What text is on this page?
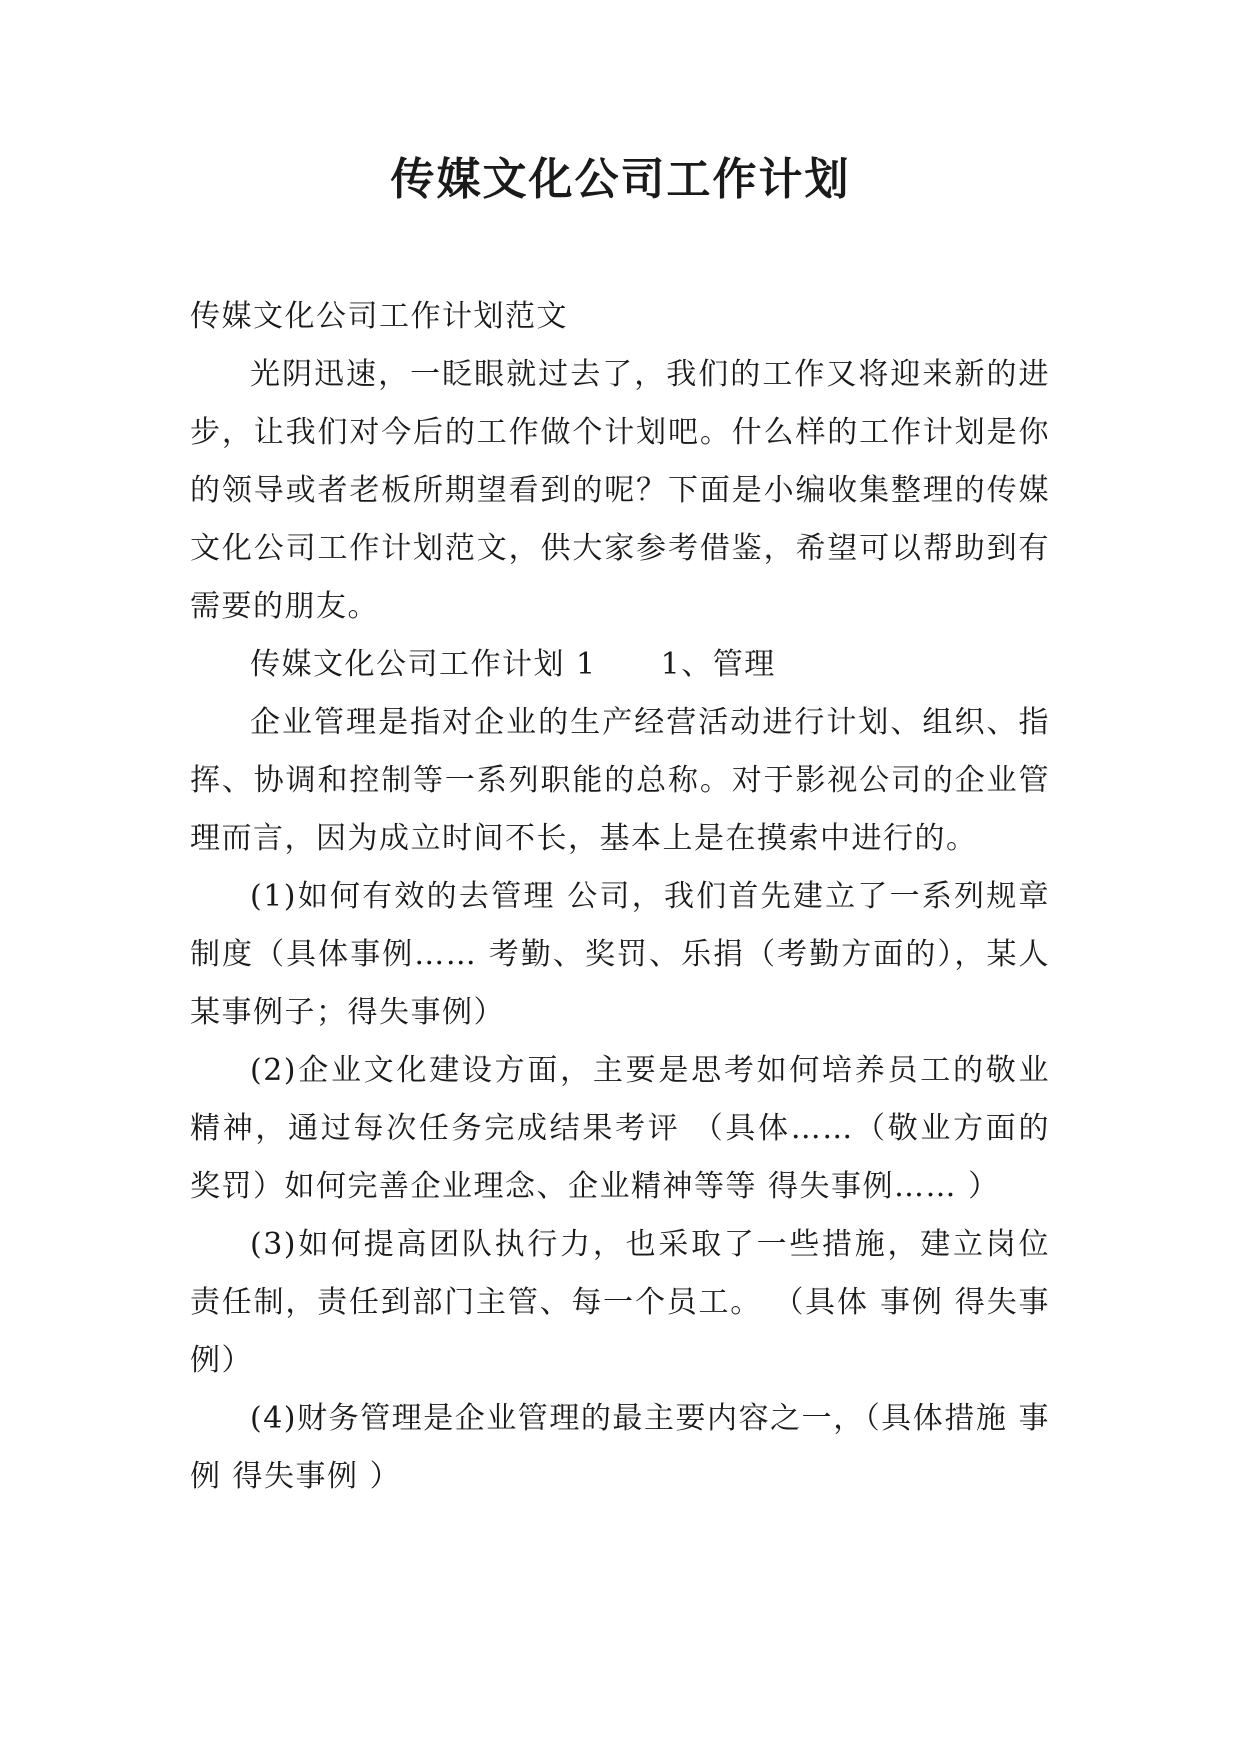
传媒文化公司工作计划

传媒文化公司工作计划范文

光阴迅速，一眨眼就过去了，我们的工作又将迎来新的进步，让我们对今后的工作做个计划吧。什么样的工作计划是你的领导或者老板所期望看到的呢？下面是小编收集整理的传媒文化公司工作计划范文，供大家参考借鉴，希望可以帮助到有需要的朋友。

传媒文化公司工作计划 1 1、管理

企业管理是指对企业的生产经营活动进行计划、组织、指挥、协调和控制等一系列职能的总称。对于影视公司的企业管理而言，因为成立时间不长，基本上是在摸索中进行的。

(1)如何有效的去管理 公司，我们首先建立了一系列规章制度（具体事例…… 考勤、奖罚、乐捐（考勤方面的），某人某事例子；得失事例）

(2)企业文化建设方面，主要是思考如何培养员工的敬业精神，通过每次任务完成结果考评 （具体……（敬业方面的奖罚）如何完善企业理念、企业精神等等 得失事例…… ）

(3)如何提高团队执行力，也采取了一些措施，建立岗位责任制，责任到部门主管、每一个员工。 （具体 事例 得失事例）

(4)财务管理是企业管理的最主要内容之一，（具体措施 事例 得失事例 ）
